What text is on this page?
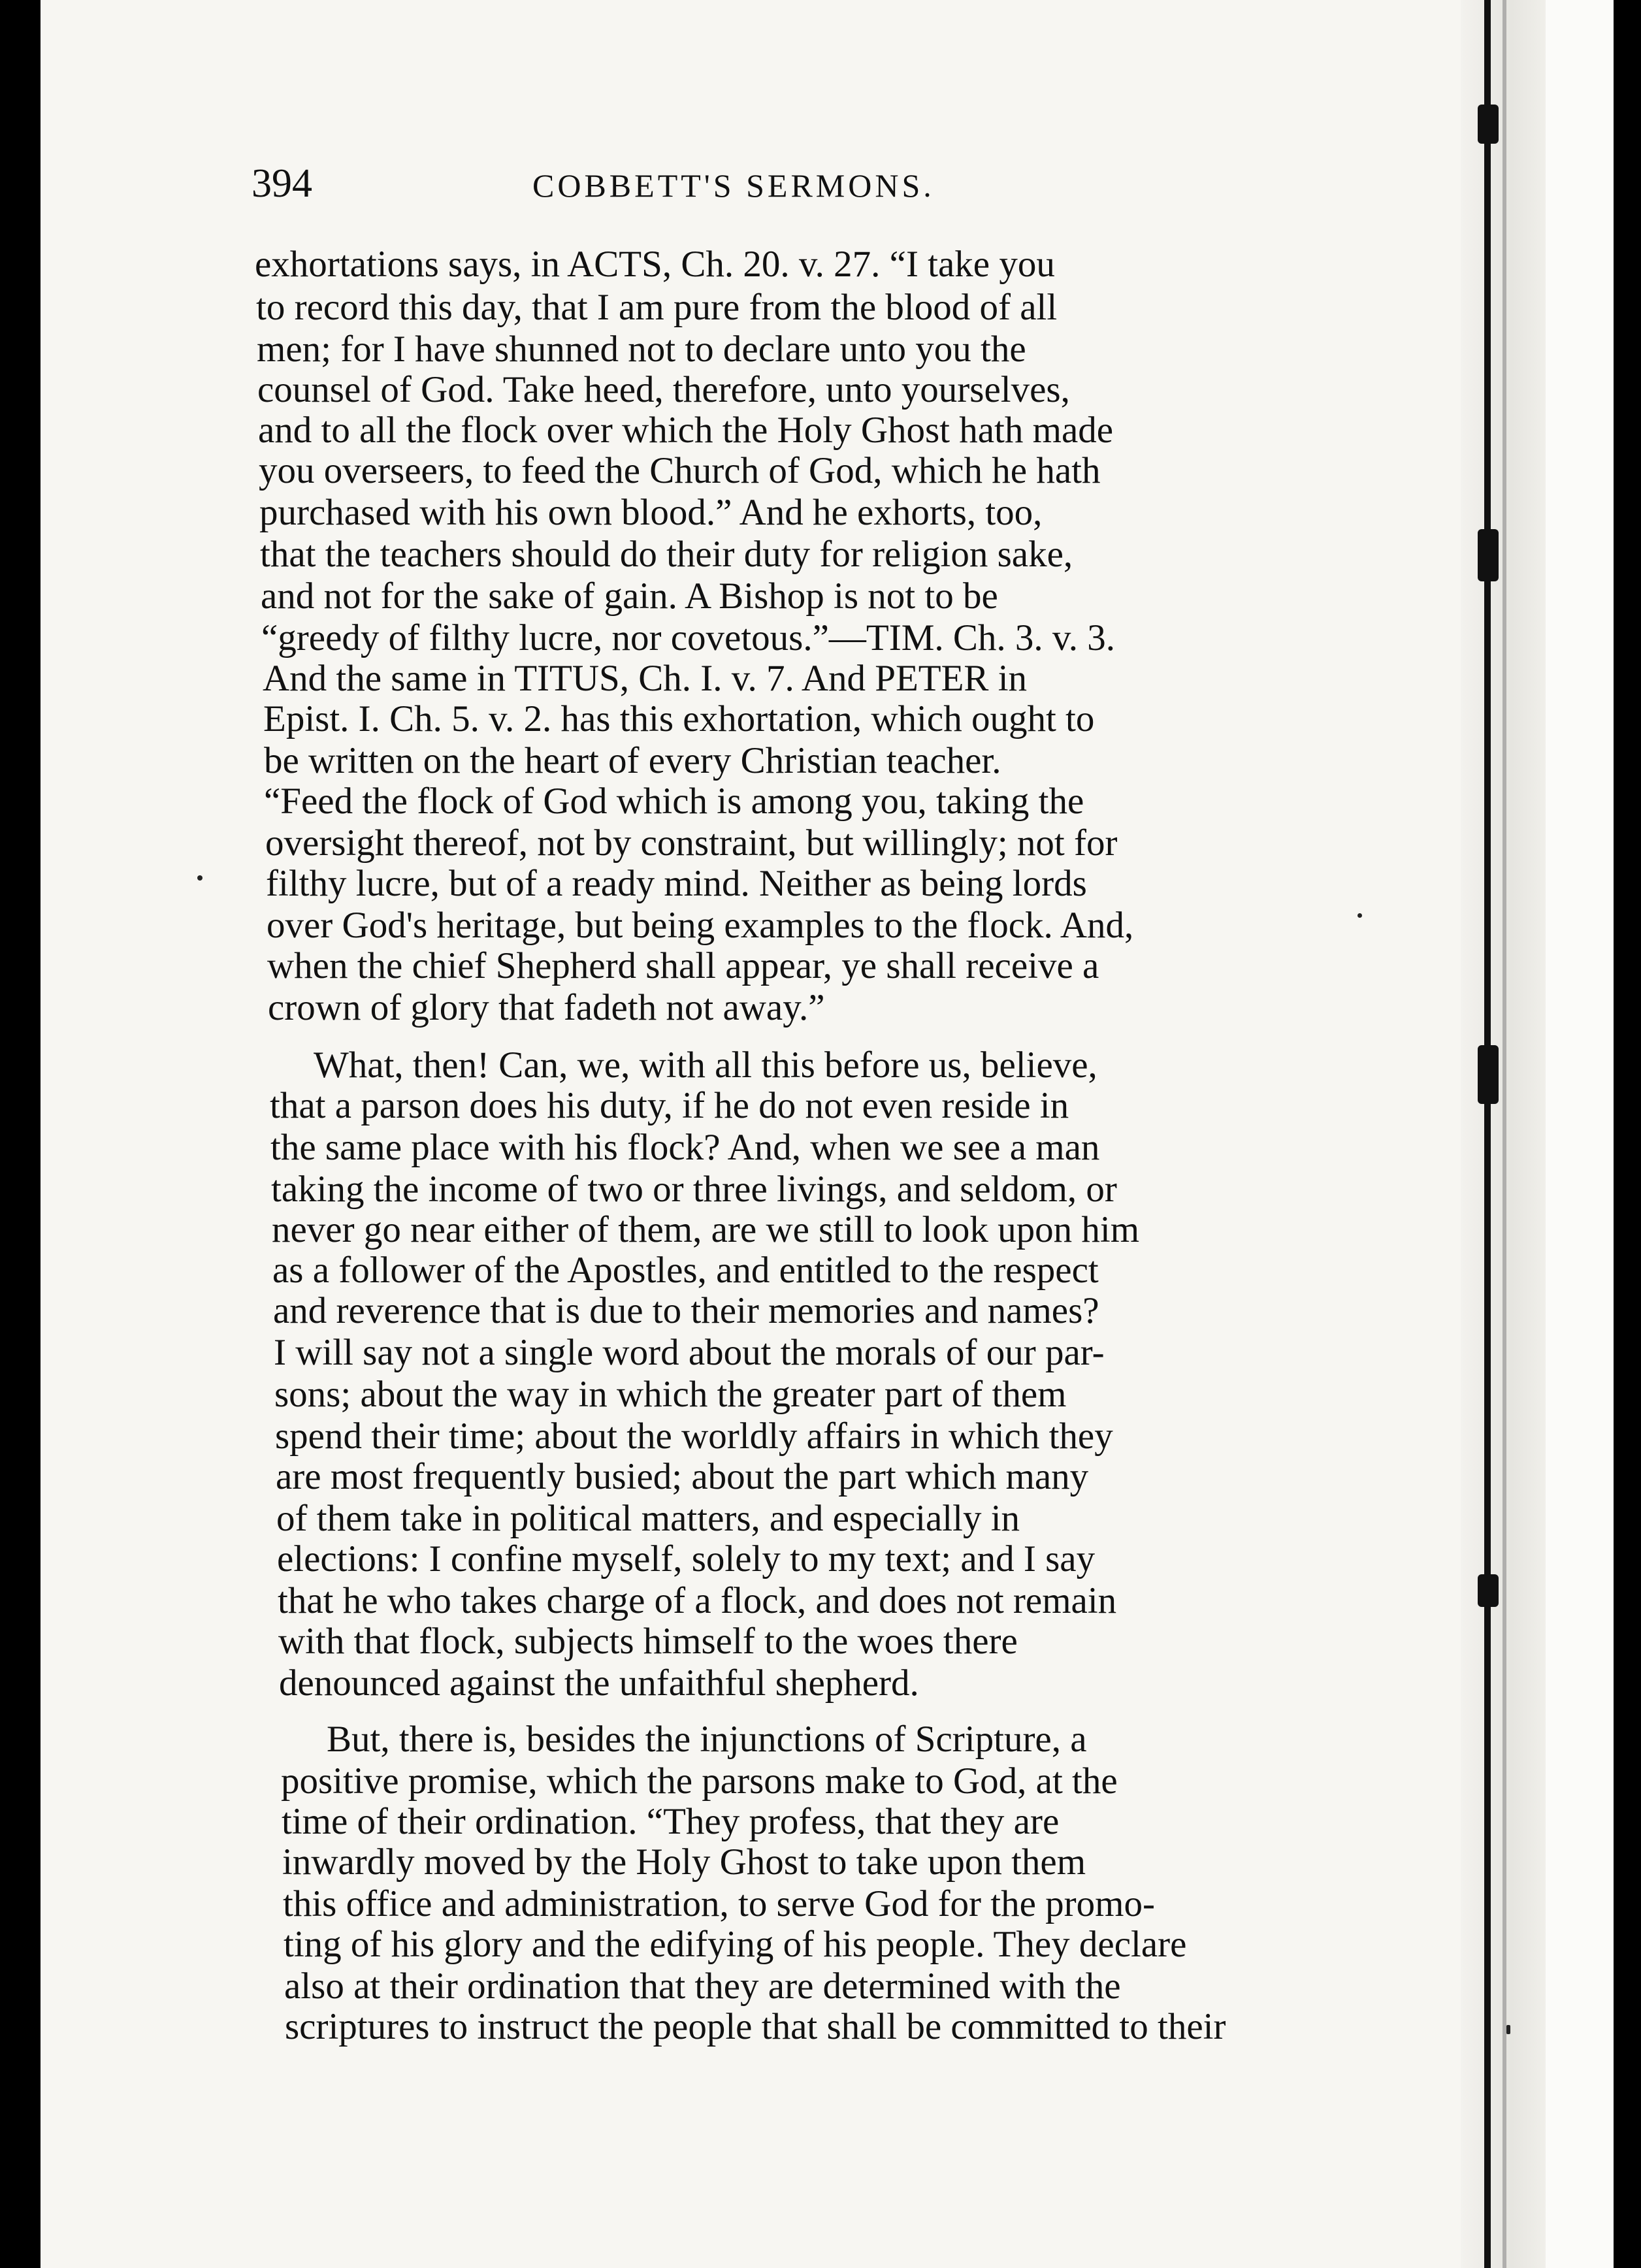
394	COBBETT'S SERMONS.
exhortations says, in ACTS, Ch. 20. v. 27. “I take you
to record this day, that I am pure from the blood of all
men; for I have shunned not to declare unto you the
counsel of God. Take heed, therefore, unto yourselves,
and to all the flock over which the Holy Ghost hath made
you overseers, to feed the Church of God, which he hath
purchased with his own blood.” And he exhorts, too,
that the teachers should do their duty for religion sake,
and not for the sake of gain. A Bishop is not to be
“greedy of filthy lucre, nor covetous.”—TIM. Ch. 3. v. 3.
And the same in TITUS, Ch. I. v. 7. And PETER in
Epist. I. Ch. 5. v. 2. has this exhortation, which ought to
be written on the heart of every Christian teacher.
“Feed the flock of God which is among you, taking the
oversight thereof, not by constraint, but willingly; not for
filthy lucre, but of a ready mind. Neither as being lords
over God's heritage, but being examples to the flock. And,
when the chief Shepherd shall appear, ye shall receive a
crown of glory that fadeth not away.”
What, then! Can, we, with all this before us, believe,
that a parson does his duty, if he do not even reside in
the same place with his flock? And, when we see a man
taking the income of two or three livings, and seldom, or
never go near either of them, are we still to look upon him
as a follower of the Apostles, and entitled to the respect
and reverence that is due to their memories and names?
I will say not a single word about the morals of our par-
sons; about the way in which the greater part of them
spend their time; about the worldly affairs in which they
are most frequently busied; about the part which many
of them take in political matters, and especially in
elections: I confine myself, solely to my text; and I say
that he who takes charge of a flock, and does not remain
with that flock, subjects himself to the woes there
denounced against the unfaithful shepherd.
But, there is, besides the injunctions of Scripture, a
positive promise, which the parsons make to God, at the
time of their ordination. “They profess, that they are
inwardly moved by the Holy Ghost to take upon them
this office and administration, to serve God for the promo-
ting of his glory and the edifying of his people. They declare
also at their ordination that they are determined with the
scriptures to instruct the people that shall be committed to their
